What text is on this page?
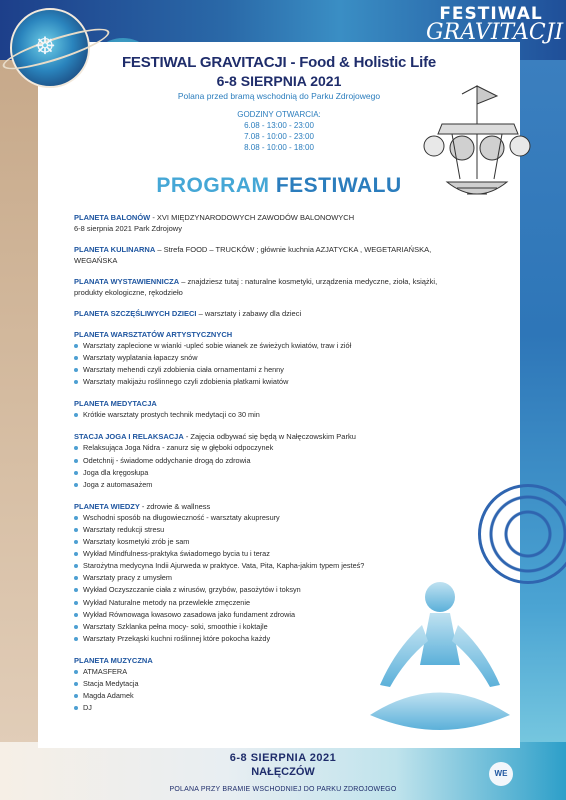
FESTIWAL GRAVITACJI - Food & Holistic Life
6-8 SIERPNIA 2021
Polana przed bramą wschodnią do Parku Zdrojowego
GODZINY OTWARCIA:
6.08 - 13:00 - 23:00
7.08 - 10:00 - 23:00
8.08 - 10:00 - 18:00
PROGRAM FESTIWALU
PLANETA BALONÓW - XVI MIĘDZYNARODOWYCH ZAWODÓW BALONOWYCH
6-8 sierpnia 2021 Park Zdrojowy
PLANETA KULINARNA – Strefa FOOD – TRUCKÓW ; głównie kuchnia AZJATYCKA , WEGETARIAŃSKA,
WEGAŃSKA
PLANATA WYSTAWIENNICZA – znajdziesz tutaj : naturalne kosmetyki, urządzenia medyczne, zioła, książki,
produkty ekologiczne, rękodzieło
PLANETA SZCZĘŚLIWYCH DZIECI – warsztaty i zabawy dla dzieci
PLANETA WARSZTATÓW ARTYSTYCZNYCH
Warsztaty zaplecione w wianki -upleć sobie wianek ze świeżych kwiatów, traw i ziół
Warsztaty wyplatania łapaczy snów
Warsztaty mehendi czyli zdobienia ciała ornamentami z henny
Warsztaty makijażu roślinnego czyli zdobienia płatkami kwiatów
PLANETA MEDYTACJA
Krótkie warsztaty prostych technik medytacji co 30 min
STACJA JOGA I RELAKSACJA - Zajęcia odbywać się będą w Nałęczowskim Parku
Relaksująca Joga Nidra - zanurz się w głęboki odpoczynek
Odetchnij - świadome oddychanie drogą do zdrowia
Joga dla kręgosłupa
Joga z automasażem
PLANETA WIEDZY - zdrowie & wallness
Wschodni sposób na długowieczność - warsztaty akupresury
Warsztaty redukcji stresu
Warsztaty kosmetyki zrób je sam
Wykład Mindfulness-praktyka świadomego bycia tu i teraz
Starożytna medycyna Indii Ajurweda w praktyce. Vata, Pita, Kapha-jakim typem jesteś?
Warsztaty pracy z umysłem
Wykład Oczyszczanie ciała z wirusów, grzybów, pasożytów i toksyn
Wykład Naturalne metody na przewlekłe zmęczenie
Wykład Równowaga kwasowo zasadowa jako fundament zdrowia
Warsztaty Szklanka pełna mocy- soki, smoothie i koktajle
Warsztaty Przekąski kuchni roślinnej które pokocha każdy
PLANETA MUZYCZNA
ATMASFERA
Stacja Medytacja
Magda Adamek
DJ
☸
FESTIWAL
GRAVITACJI
6-8 SIERPNIA 2021
NAŁĘCZÓW
POLANA PRZY BRAMIE WSCHODNIEJ DO PARKU ZDROJOWEGO
WE
